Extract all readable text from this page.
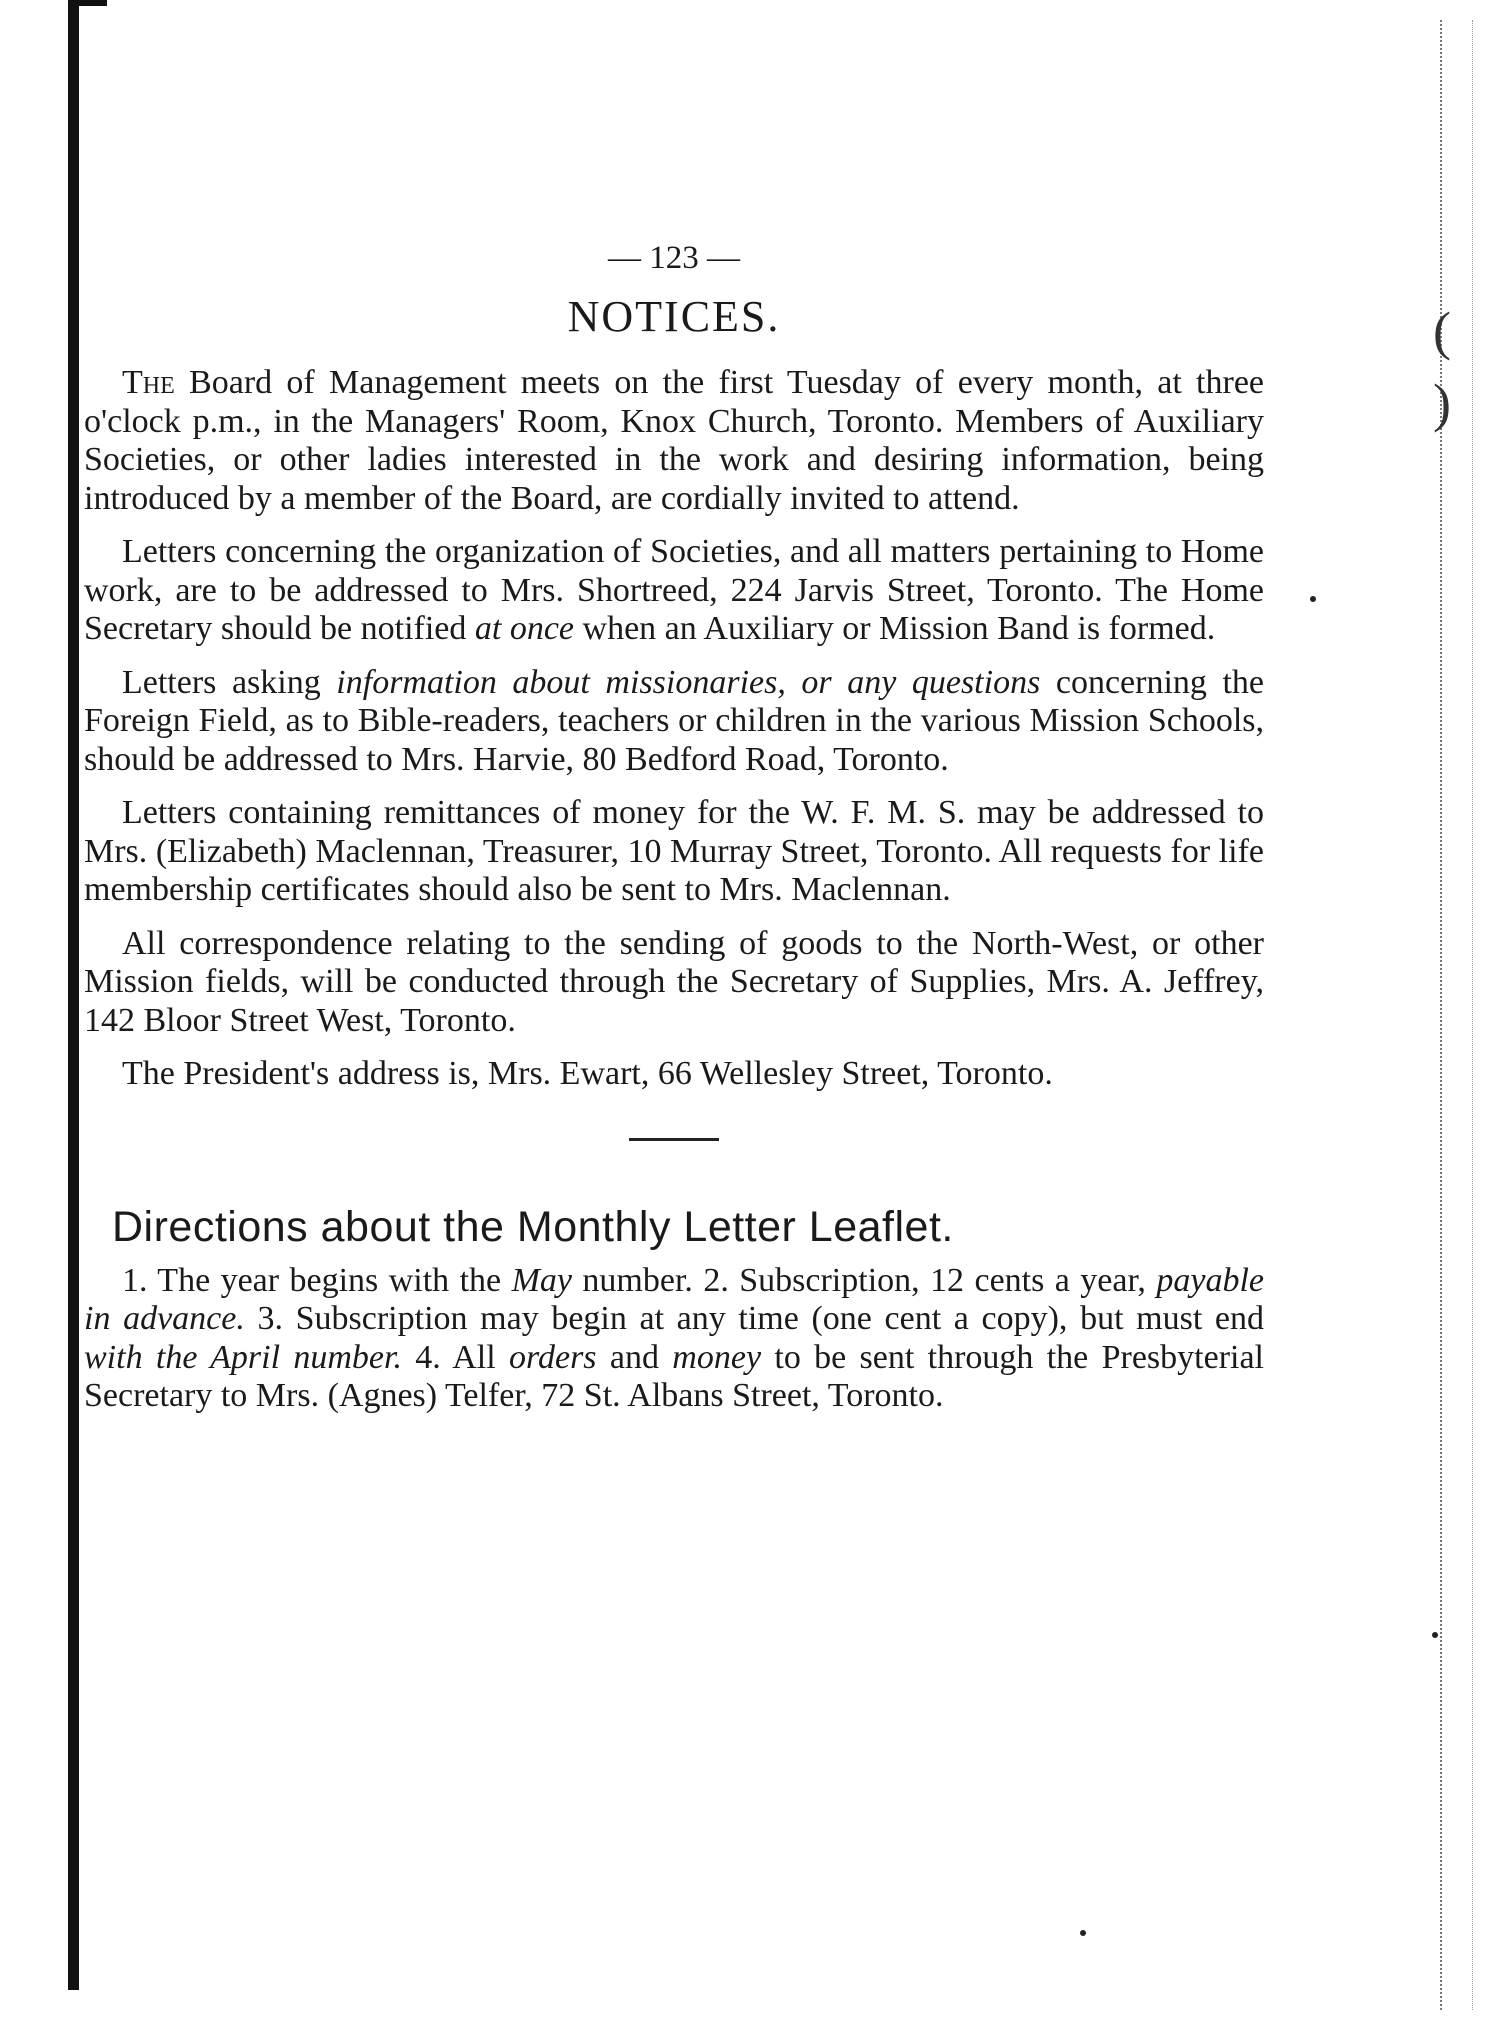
(
)
— 123 —
NOTICES.

The Board of Management meets on the first Tuesday of every month, at three o'clock p.m., in the Managers' Room, Knox Church, Toronto. Members of Auxiliary Societies, or other ladies interested in the work and desiring information, being introduced by a member of the Board, are cordially invited to attend.

Letters concerning the organization of Societies, and all matters pertaining to Home work, are to be addressed to Mrs. Shortreed, 224 Jarvis Street, Toronto. The Home Secretary should be notified at once when an Auxiliary or Mission Band is formed.

Letters asking information about missionaries, or any questions concerning the Foreign Field, as to Bible-readers, teachers or children in the various Mission Schools, should be addressed to Mrs. Harvie, 80 Bedford Road, Toronto.

Letters containing remittances of money for the W. F. M. S. may be addressed to Mrs. (Elizabeth) Maclennan, Treasurer, 10 Murray Street, Toronto. All requests for life membership certificates should also be sent to Mrs. Maclennan.

All correspondence relating to the sending of goods to the North-West, or other Mission fields, will be conducted through the Secretary of Supplies, Mrs. A. Jeffrey, 142 Bloor Street West, Toronto.

The President's address is, Mrs. Ewart, 66 Wellesley Street, Toronto.

Directions about the Monthly Letter Leaflet.

1. The year begins with the May number. 2. Subscription, 12 cents a year, payable in advance. 3. Subscription may begin at any time (one cent a copy), but must end with the April number. 4. All orders and money to be sent through the Presbyterial Secretary to Mrs. (Agnes) Telfer, 72 St. Albans Street, Toronto.
